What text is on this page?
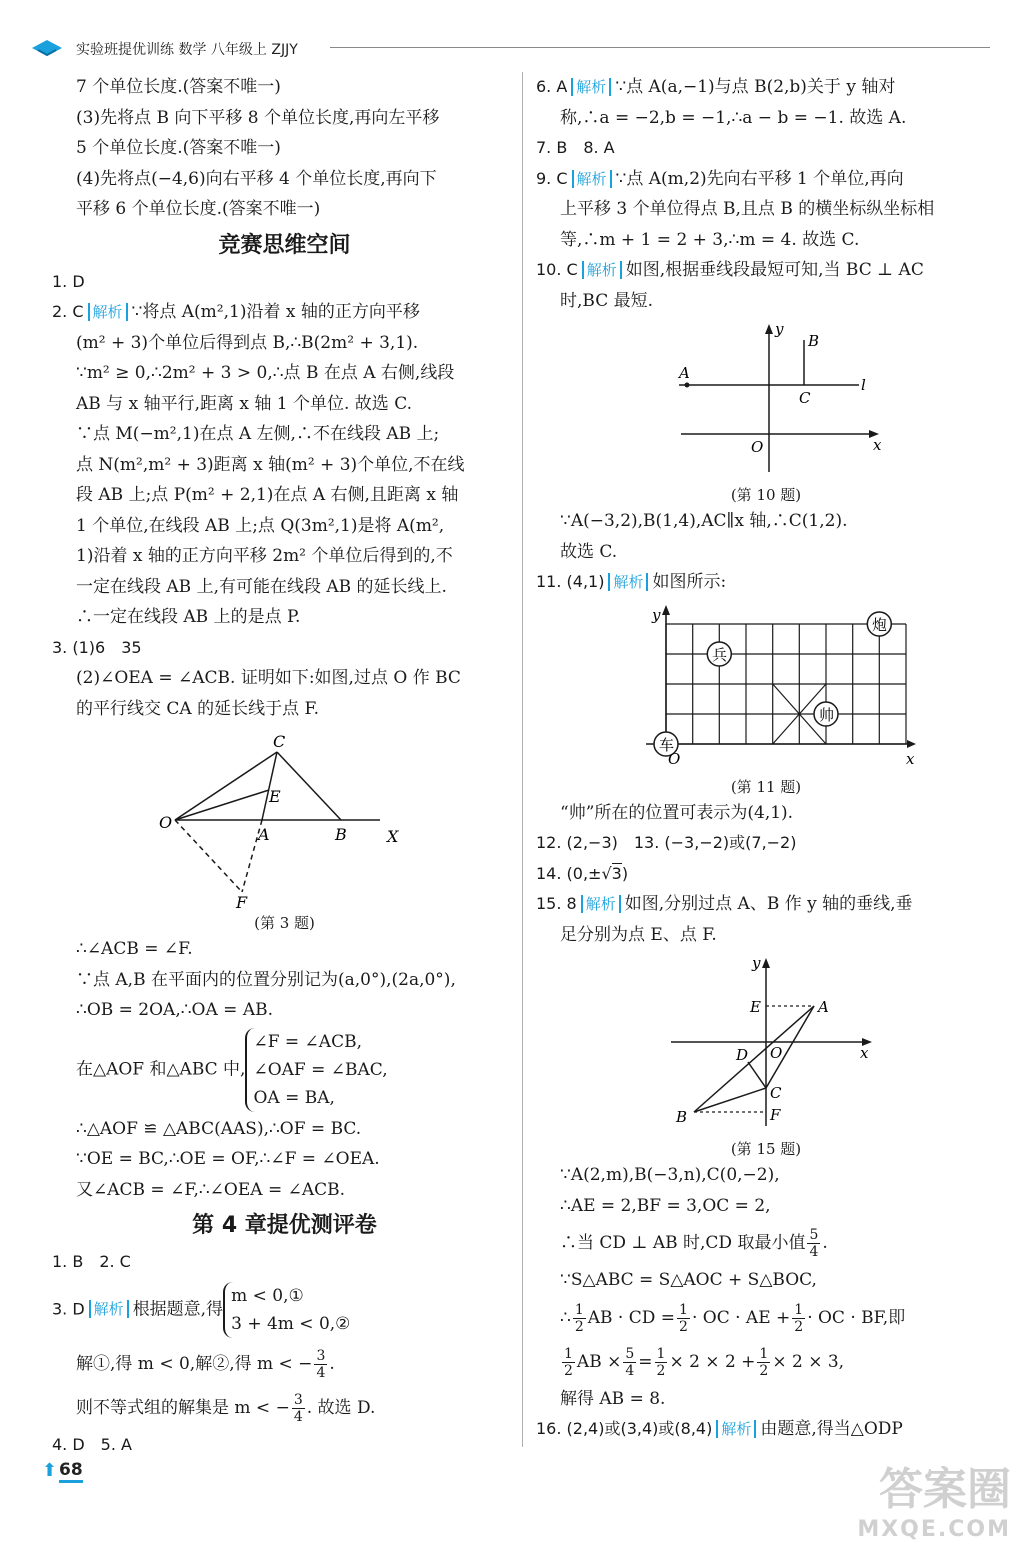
实验班提优训练 数学 八年级上 ZJJY
7 个单位长度.(答案不唯一)
(3)先将点 B 向下平移 8 个单位长度,再向左平移
5 个单位长度.(答案不唯一)
(4)先将点(−4,6)向右平移 4 个单位长度,再向下
平移 6 个单位长度.(答案不唯一)
竞赛思维空间
1. D
2. C 解析 ∵将点 A(m²,1)沿着 x 轴的正方向平移
(m² + 3)个单位后得到点 B,∴B(2m² + 3,1).
∵m² ≥ 0,∴2m² + 3 > 0,∴点 B 在点 A 右侧,线段
AB 与 x 轴平行,距离 x 轴 1 个单位. 故选 C.
∵点 M(−m²,1)在点 A 左侧,∴不在线段 AB 上;
点 N(m²,m² + 3)距离 x 轴(m² + 3)个单位,不在线
段 AB 上;点 P(m² + 2,1)在点 A 右侧,且距离 x 轴
1 个单位,在线段 AB 上;点 Q(3m²,1)是将 A(m²,
1)沿着 x 轴的正方向平移 2m² 个单位后得到的,不
一定在线段 AB 上,有可能在线段 AB 的延长线上.
∴一定在线段 AB 上的是点 P.
3. (1)6　35
(2)∠OEA = ∠ACB. 证明如下:如图,过点 O 作 BC
的平行线交 CA 的延长线于点 F.
C
E
O
A	B	X
F
(第 3 题)
∴∠ACB = ∠F.
∵点 A,B 在平面内的位置分别记为(a,0°),(2a,0°),
∴OB = 2OA,∴OA = AB.
在△AOF 和△ABC 中,
∠F = ∠ACB,
∠OAF = ∠BAC,
OA = BA,
∴△AOF ≌ △ABC(AAS),∴OF = BC.
∵OE = BC,∴OE = OF,∴∠F = ∠OEA.
又∠ACB = ∠F,∴∠OEA = ∠ACB.
第 4 章提优测评卷
1. B　2. C
3. D 解析 根据题意,得
m < 0,①
3 + 4m < 0,②
解①,得 m < 0,解②,得 m < − $\frac{3}{4}$ .
则不等式组的解集是 m < − $\frac{3}{4}$ . 故选 D.
4. D　5. A
6. A 解析 ∵点 A(a,−1)与点 B(2,b)关于 y 轴对
称,∴a = −2,b = −1,∴a − b = −1. 故选 A.
7. B　8. A
9. C 解析 ∵点 A(m,2)先向右平移 1 个单位,再向
上平移 3 个单位得点 B,且点 B 的横坐标纵坐标相
等,∴m + 1 = 2 + 3,∴m = 4. 故选 C.
10. C 解析 如图,根据垂线段最短可知,当 BC ⊥ AC
时,BC 最短.
y
B
A
C
l
O	x
(第 10 题)
∵A(−3,2),B(1,4),AC∥x 轴,∴C(1,2).
故选 C.
11. (4,1) 解析 如图所示:
兵
炮
帅
车
y
O	x
(第 11 题)
“帅”所在的位置可表示为(4,1).
12. (2,−3)　13. (−3,−2)或(7,−2)
14. (0,±√3)
15. 8 解析 如图,分别过点 A、B 作 y 轴的垂线,垂
足分别为点 E、点 F.
y
E	A
D O	x
C
F
B
(第 15 题)
∵A(2,m),B(−3,n),C(0,−2),
∴AE = 2,BF = 3,OC = 2,
∴当 CD ⊥ AB 时,CD 取最小值 $\frac{5}{4}$ .
∵S△ABC = S△AOC + S△BOC,
∴ $\frac{1}{2}$ AB · CD = $\frac{1}{2}$ · OC · AE + $\frac{1}{2}$ · OC · BF,即
$\frac{1}{2}$ AB × $\frac{5}{4} = \frac{1}{2} \times 2 \times 2 + \frac{1}{2} \times 2 \times 3$,
解得 AB = 8.
16. (2,4)或(3,4)或(8,4) 解析 由题意,得当△ODP
⬆ 68	答案圈
MXQE.COM
